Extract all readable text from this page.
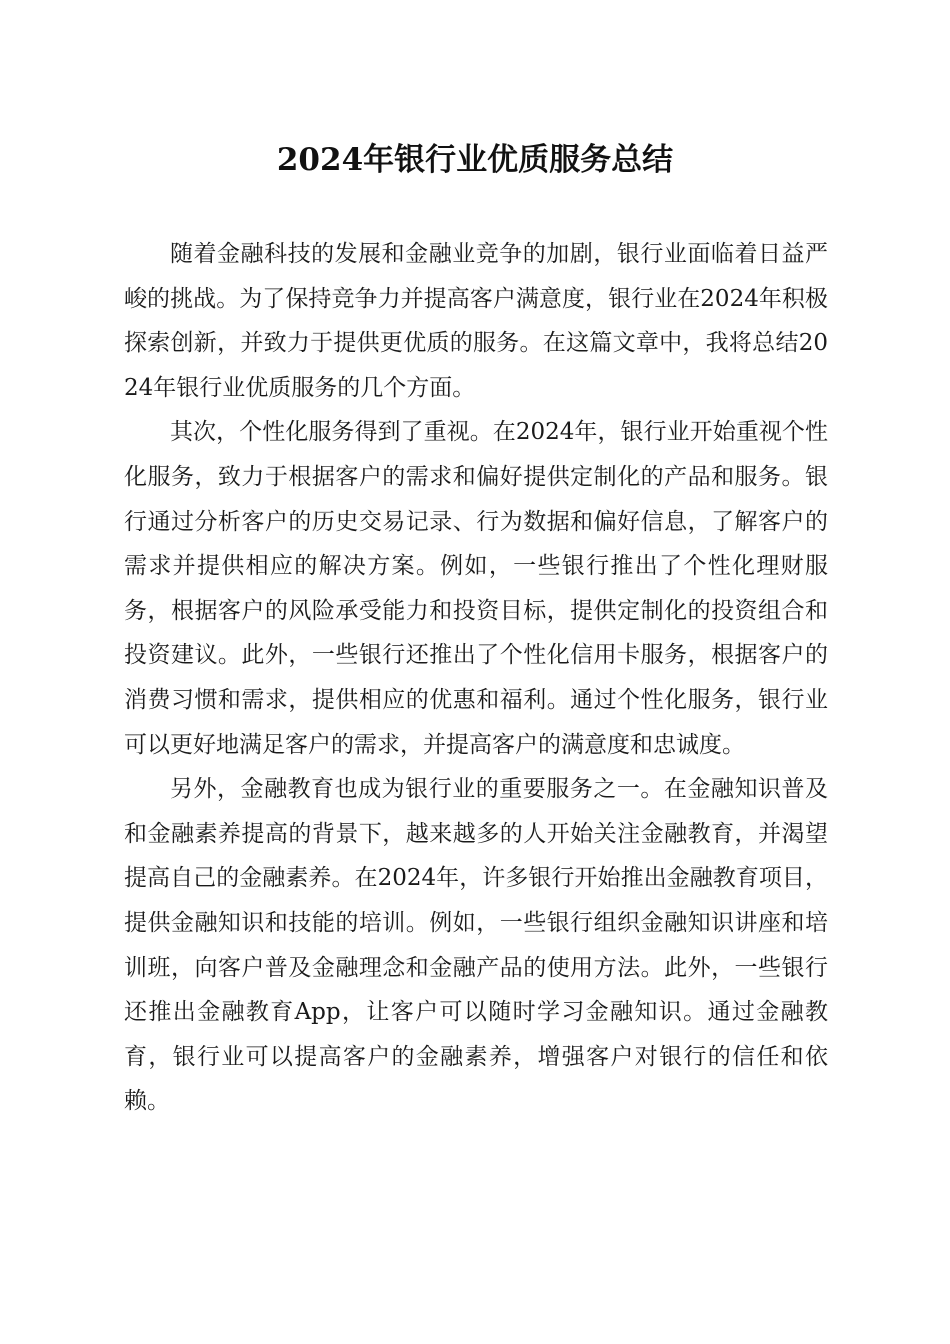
2024年银行业优质服务总结

随着金融科技的发展和金融业竞争的加剧，银行业面临着日益严峻的挑战。为了保持竞争力并提高客户满意度，银行业在2024年积极探索创新，并致力于提供更优质的服务。在这篇文章中，我将总结2024年银行业优质服务的几个方面。

其次，个性化服务得到了重视。在2024年，银行业开始重视个性化服务，致力于根据客户的需求和偏好提供定制化的产品和服务。银行通过分析客户的历史交易记录、行为数据和偏好信息，了解客户的需求并提供相应的解决方案。例如，一些银行推出了个性化理财服务，根据客户的风险承受能力和投资目标，提供定制化的投资组合和投资建议。此外，一些银行还推出了个性化信用卡服务，根据客户的消费习惯和需求，提供相应的优惠和福利。通过个性化服务，银行业可以更好地满足客户的需求，并提高客户的满意度和忠诚度。

另外，金融教育也成为银行业的重要服务之一。在金融知识普及和金融素养提高的背景下，越来越多的人开始关注金融教育，并渴望提高自己的金融素养。在2024年，许多银行开始推出金融教育项目，提供金融知识和技能的培训。例如，一些银行组织金融知识讲座和培训班，向客户普及金融理念和金融产品的使用方法。此外，一些银行还推出金融教育App，让客户可以随时学习金融知识。通过金融教育，银行业可以提高客户的金融素养，增强客户对银行的信任和依赖。
